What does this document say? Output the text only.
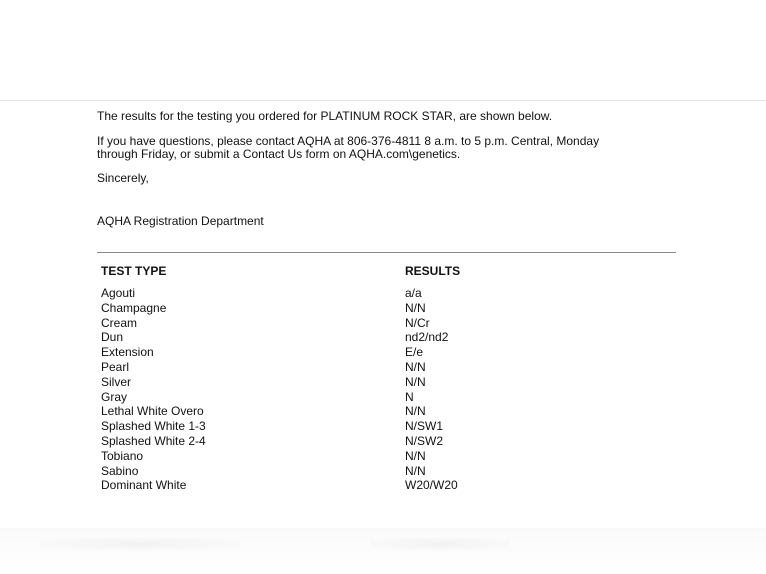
The results for the testing you ordered for PLATINUM ROCK STAR, are shown below.
If you have questions, please contact AQHA at 806-376-4811 8 a.m. to 5 p.m. Central, Monday
through Friday, or submit a Contact Us form on AQHA.com\genetics.
Sincerely,
AQHA Registration Department
TEST TYPE	RESULTS
Agouti
Champagne
Cream
Dun
Extension
Pearl
Silver
Gray
Lethal White Overo
Splashed White 1-3
Splashed White 2-4
Tobiano
Sabino
Dominant White
a/a
N/N
N/Cr
nd2/nd2
E/e
N/N
N/N
N
N/N
N/SW1
N/SW2
N/N
N/N
W20/W20
